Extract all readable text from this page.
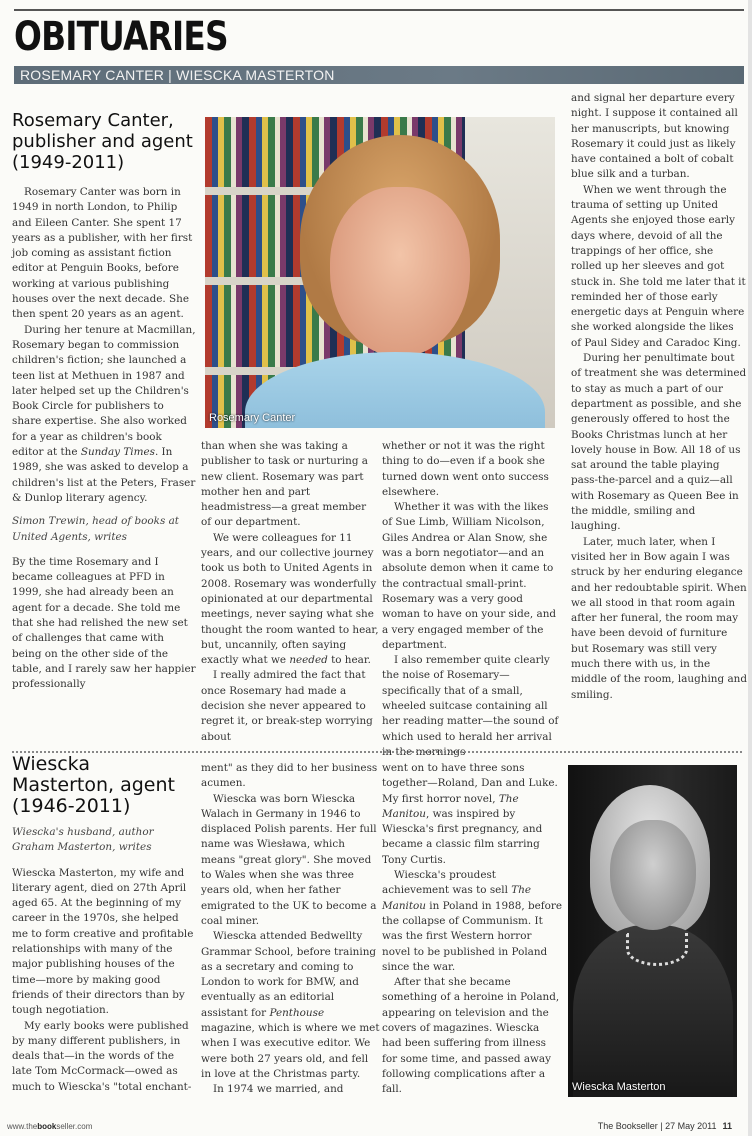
OBITUARIES
ROSEMARY CANTER | WIESCKA MASTERTON
Rosemary Canter, publisher and agent (1949-2011)

Rosemary Canter was born in 1949 in north London, to Philip and Eileen Canter. She spent 17 years as a publisher, with her first job coming as assistant fiction editor at Penguin Books, before working at various publishing houses over the next decade. She then spent 20 years as an agent.

During her tenure at Macmillan, Rosemary began to commission children's fiction; she launched a teen list at Methuen in 1987 and later helped set up the Children's Book Circle for publishers to share expertise. She also worked for a year as children's book editor at the Sunday Times. In 1989, she was asked to develop a children's list at the Peters, Fraser & Dunlop literary agency.

Simon Trewin, head of books at United Agents, writes

By the time Rosemary and I became colleagues at PFD in 1999, she had already been an agent for a decade. She told me that she had relished the new set of challenges that came with being on the other side of the table, and I rarely saw her happier professionally

Rosemary Canter

than when she was taking a publisher to task or nurturing a new client. Rosemary was part mother hen and part headmistress—a great member of our department.

We were colleagues for 11 years, and our collective journey took us both to United Agents in 2008. Rosemary was wonderfully opinionated at our departmental meetings, never saying what she thought the room wanted to hear, but, uncannily, often saying exactly what we needed to hear.

I really admired the fact that once Rosemary had made a decision she never appeared to regret it, or break-step worrying about

whether or not it was the right thing to do—even if a book she turned down went onto success elsewhere.

Whether it was with the likes of Sue Limb, William Nicolson, Giles Andrea or Alan Snow, she was a born negotiator—and an absolute demon when it came to the contractual small-print. Rosemary was a very good woman to have on your side, and a very engaged member of the department.

I also remember quite clearly the noise of Rosemary—specifically that of a small, wheeled suitcase containing all her reading matter—the sound of which used to herald her arrival in the mornings

and signal her departure every night. I suppose it contained all her manuscripts, but knowing Rosemary it could just as likely have contained a bolt of cobalt blue silk and a turban.

When we went through the trauma of setting up United Agents she enjoyed those early days where, devoid of all the trappings of her office, she rolled up her sleeves and got stuck in. She told me later that it reminded her of those early energetic days at Penguin where she worked alongside the likes of Paul Sidey and Caradoc King.

During her penultimate bout of treatment she was determined to stay as much a part of our department as possible, and she generously offered to host the Books Christmas lunch at her lovely house in Bow. All 18 of us sat around the table playing pass-the-parcel and a quiz—all with Rosemary as Queen Bee in the middle, smiling and laughing.

Later, much later, when I visited her in Bow again I was struck by her enduring elegance and her redoubtable spirit. When we all stood in that room again after her funeral, the room may have been devoid of furniture but Rosemary was still very much there with us, in the middle of the room, laughing and smiling.

Wiescka Masterton, agent (1946-2011)

Wiescka's husband, author Graham Masterton, writes

Wiescka Masterton, my wife and literary agent, died on 27th April aged 65. At the beginning of my career in the 1970s, she helped me to form creative and profitable relationships with many of the major publishing houses of the time—more by making good friends of their directors than by tough negotiation.

My early books were published by many different publishers, in deals that—in the words of the late Tom McCormack—owed as much to Wiescka's "total enchant-

ment" as they did to her business acumen.

Wiescka was born Wiescka Walach in Germany in 1946 to displaced Polish parents. Her full name was Wiesława, which means "great glory". She moved to Wales when she was three years old, when her father emigrated to the UK to become a coal miner.

Wiescka attended Bedwellty Grammar School, before training as a secretary and coming to London to work for BMW, and eventually as an editorial assistant for Penthouse magazine, which is where we met when I was executive editor. We were both 27 years old, and fell in love at the Christmas party.

In 1974 we married, and

went on to have three sons together—Roland, Dan and Luke. My first horror novel, The Manitou, was inspired by Wiescka's first pregnancy, and became a classic film starring Tony Curtis.

Wiescka's proudest achievement was to sell The Manitou in Poland in 1988, before the collapse of Communism. It was the first Western horror novel to be published in Poland since the war.

After that she became something of a heroine in Poland, appearing on television and the covers of magazines. Wiescka had been suffering from illness for some time, and passed away following complications after a fall.	Wiescka Masterton
www.thebookseller.com	The Bookseller | 27 May 2011 11
